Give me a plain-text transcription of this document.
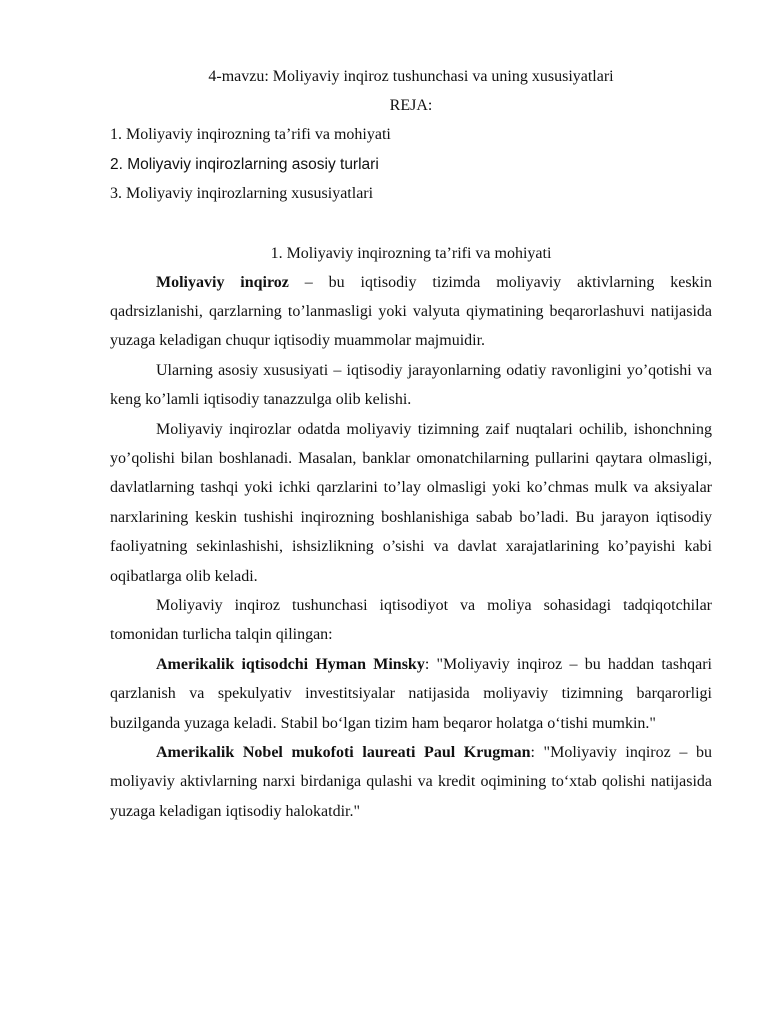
4-mavzu: Moliyaviy inqiroz tushunchasi va uning xususiyatlari

REJA:

1. Moliyaviy inqirozning ta’rifi va mohiyati

2. Moliyaviy inqirozlarning asosiy turlari

3. Moliyaviy inqirozlarning xususiyatlari

1. Moliyaviy inqirozning ta’rifi va mohiyati

Moliyaviy inqiroz – bu iqtisodiy tizimda moliyaviy aktivlarning keskin qadrsizlanishi, qarzlarning to’lanmasligi yoki valyuta qiymatining beqarorlashuvi natijasida yuzaga keladigan chuqur iqtisodiy muammolar majmuidir.

Ularning asosiy xususiyati – iqtisodiy jarayonlarning odatiy ravonligini yo’qotishi va keng ko’lamli iqtisodiy tanazzulga olib kelishi.

Moliyaviy inqirozlar odatda moliyaviy tizimning zaif nuqtalari ochilib, ishonchning yo’qolishi bilan boshlanadi. Masalan, banklar omonatchilarning pullarini qaytara olmasligi, davlatlarning tashqi yoki ichki qarzlarini to’lay olmasligi yoki ko’chmas mulk va aksiyalar narxlarining keskin tushishi inqirozning boshlanishiga sabab bo’ladi. Bu jarayon iqtisodiy faoliyatning sekinlashishi, ishsizlikning o’sishi va davlat xarajatlarining ko’payishi kabi oqibatlarga olib keladi.

Moliyaviy inqiroz tushunchasi iqtisodiyot va moliya sohasidagi tadqiqotchilar tomonidan turlicha talqin qilingan:

Amerikalik iqtisodchi Hyman Minsky: "Moliyaviy inqiroz – bu haddan tashqari qarzlanish va spekulyativ investitsiyalar natijasida moliyaviy tizimning barqarorligi buzilganda yuzaga keladi. Stabil bo‘lgan tizim ham beqaror holatga o‘tishi mumkin."

Amerikalik Nobel mukofoti laureati Paul Krugman: "Moliyaviy inqiroz – bu moliyaviy aktivlarning narxi birdaniga qulashi va kredit oqimining to‘xtab qolishi natijasida yuzaga keladigan iqtisodiy halokatdir."
